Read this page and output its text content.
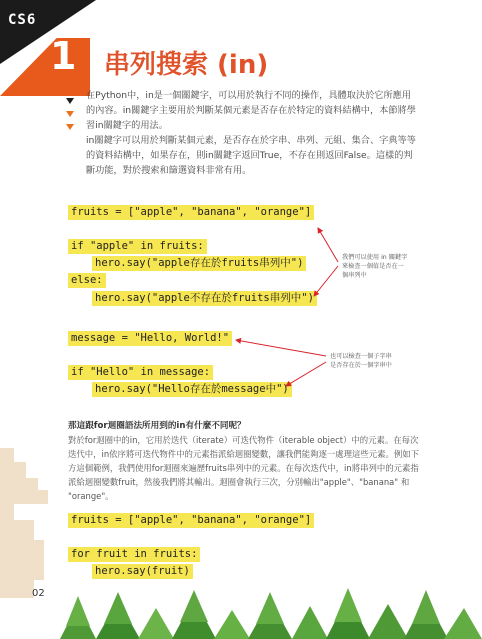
CS6
1 串列搜索 (in)

在Python中，in是一個關鍵字，可以用於執行不同的操作，具體取決於它所應用的內容。in關鍵字主要用於判斷某個元素是否存在於特定的資料結構中，本節將學習in關鍵字的用法。

in關鍵字可以用於判斷某個元素，是否存在於字串、串列、元組、集合、字典等等的資料結構中，如果存在，則in關鍵字返回True，不存在則返回False。這樣的判斷功能，對於搜索和篩選資料非常有用。

fruits = ["apple", "banana", "orange"]
if "apple" in fruits:
hero.say("apple存在於fruits串列中")
else:
hero.say("apple不存在於fruits串列中")
message = "Hello, World!"
if "Hello" in message:
hero.say("Hello存在於message中")
fruits = ["apple", "banana", "orange"]
for fruit in fruits:
hero.say(fruit)
我們可以使用 in 關鍵字
來檢查一個值是否在一
個串列中
也可以檢查一個子字串
是否存在於一個字串中
那這跟for迴圈語法所用到的in有什麼不同呢？
對於for迴圈中的in，它用於迭代（iterate）可迭代物件（iterable object）中的元素。在每次迭代中，in依序將可迭代物件中的元素指派給迴圈變數，讓我們能夠逐一處理這些元素。例如下方這個範例，我們使用for迴圈來遍歷fruits串列中的元素。在每次迭代中，in將串列中的元素指派給迴圈變數fruit，然後我們將其輸出。迴圈會執行三次，分別輸出"apple"、"banana" 和 "orange"。
02
